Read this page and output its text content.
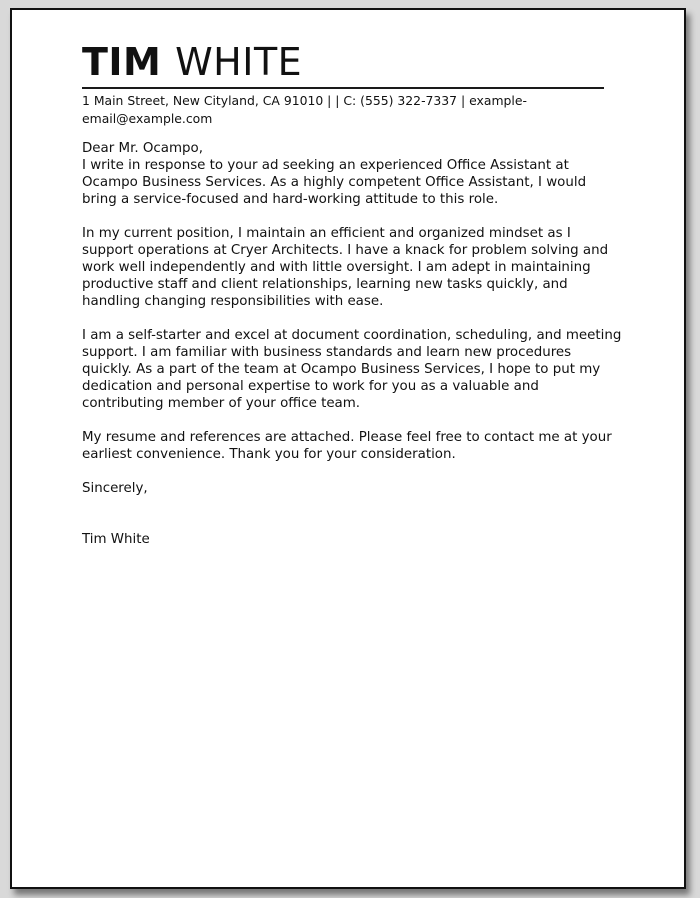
TIM WHITE
1 Main Street, New Cityland, CA 91010 | | C: (555) 322-7337 | example-email@example.com

Dear Mr. Ocampo,

I write in response to your ad seeking an experienced Office Assistant at Ocampo Business Services. As a highly competent Office Assistant, I would bring a service-focused and hard-working attitude to this role.

In my current position, I maintain an efficient and organized mindset as I support operations at Cryer Architects. I have a knack for problem solving and work well independently and with little oversight. I am adept in maintaining productive staff and client relationships, learning new tasks quickly, and handling changing responsibilities with ease.

I am a self-starter and excel at document coordination, scheduling, and meeting support. I am familiar with business standards and learn new procedures quickly. As a part of the team at Ocampo Business Services, I hope to put my dedication and personal expertise to work for you as a valuable and contributing member of your office team.

My resume and references are attached. Please feel free to contact me at your earliest convenience. Thank you for your consideration.

Sincerely,

Tim White
